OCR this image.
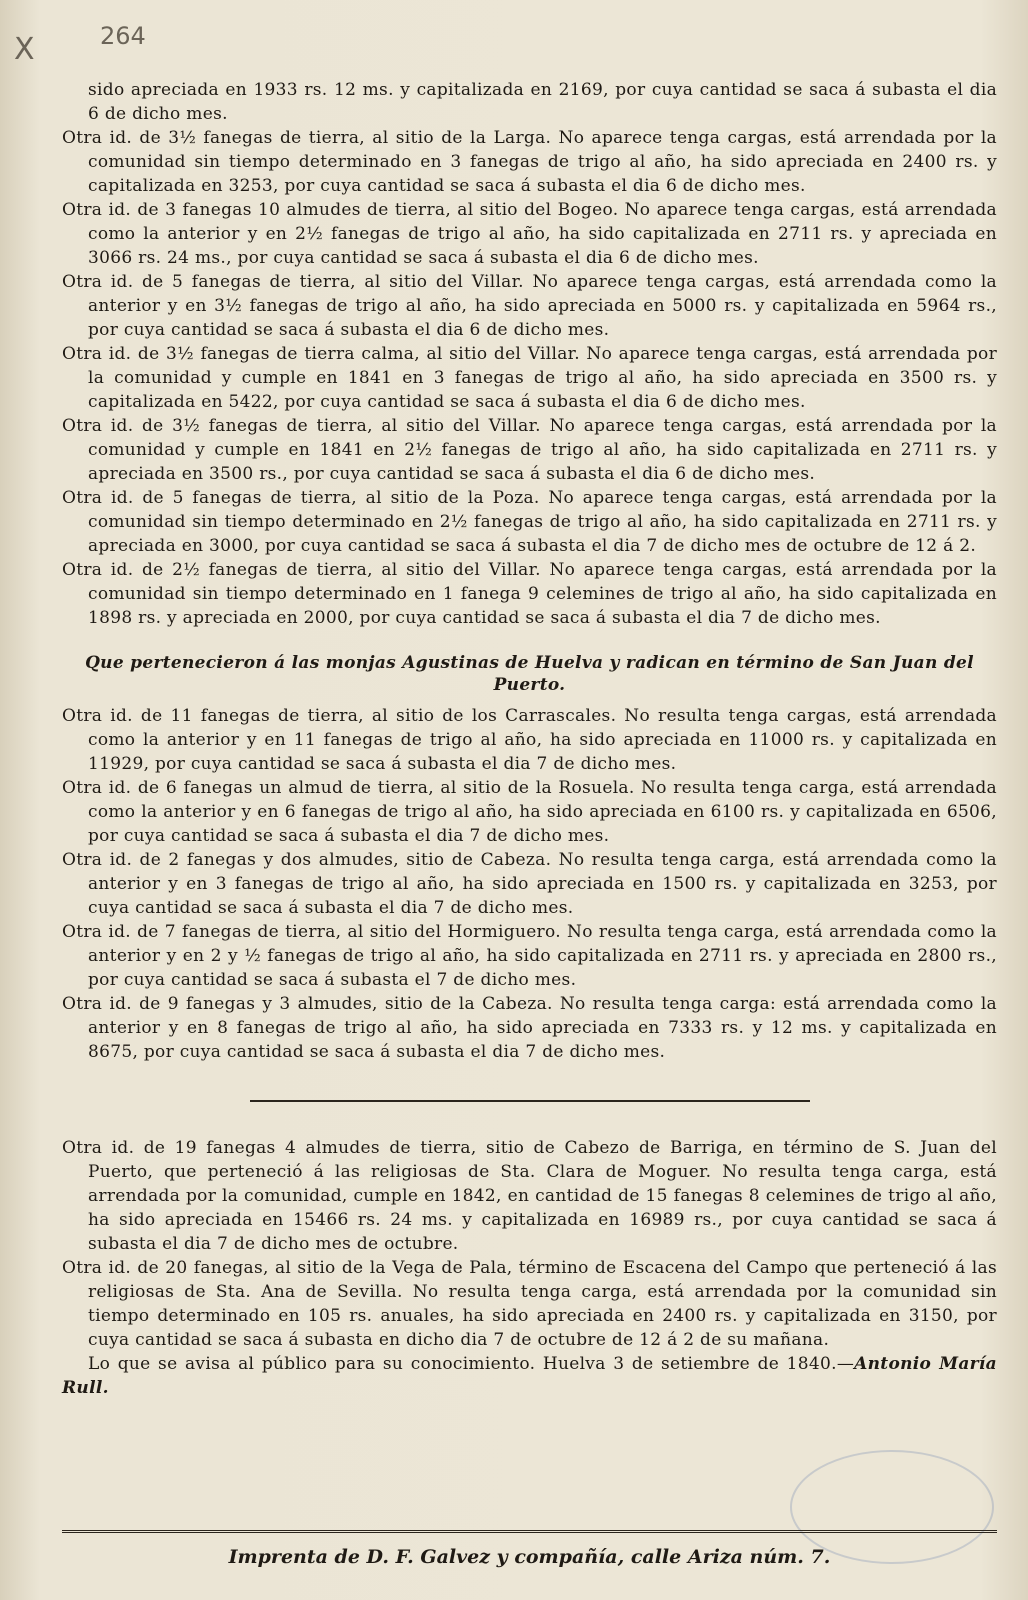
X	264

sido apreciada en 1933 rs. 12 ms. y capitalizada en 2169, por cuya cantidad se saca á subasta el dia 6 de dicho mes.

Otra id. de 3½ fanegas de tierra, al sitio de la Larga. No aparece tenga cargas, está arrendada por la comunidad sin tiempo determinado en 3 fanegas de trigo al año, ha sido apreciada en 2400 rs. y capitalizada en 3253, por cuya cantidad se saca á subasta el dia 6 de dicho mes.

Otra id. de 3 fanegas 10 almudes de tierra, al sitio del Bogeo. No aparece tenga cargas, está arrendada como la anterior y en 2½ fanegas de trigo al año, ha sido capitalizada en 2711 rs. y apreciada en 3066 rs. 24 ms., por cuya cantidad se saca á subasta el dia 6 de dicho mes.

Otra id. de 5 fanegas de tierra, al sitio del Villar. No aparece tenga cargas, está arrendada como la anterior y en 3½ fanegas de trigo al año, ha sido apreciada en 5000 rs. y capitalizada en 5964 rs., por cuya cantidad se saca á subasta el dia 6 de dicho mes.

Otra id. de 3½ fanegas de tierra calma, al sitio del Villar. No aparece tenga cargas, está arrendada por la comunidad y cumple en 1841 en 3 fanegas de trigo al año, ha sido apreciada en 3500 rs. y capitalizada en 5422, por cuya cantidad se saca á subasta el dia 6 de dicho mes.

Otra id. de 3½ fanegas de tierra, al sitio del Villar. No aparece tenga cargas, está arrendada por la comunidad y cumple en 1841 en 2½ fanegas de trigo al año, ha sido capitalizada en 2711 rs. y apreciada en 3500 rs., por cuya cantidad se saca á subasta el dia 6 de dicho mes.

Otra id. de 5 fanegas de tierra, al sitio de la Poza. No aparece tenga cargas, está arrendada por la comunidad sin tiempo determinado en 2½ fanegas de trigo al año, ha sido capitalizada en 2711 rs. y apreciada en 3000, por cuya cantidad se saca á subasta el dia 7 de dicho mes de octubre de 12 á 2.

Otra id. de 2½ fanegas de tierra, al sitio del Villar. No aparece tenga cargas, está arrendada por la comunidad sin tiempo determinado en 1 fanega 9 celemines de trigo al año, ha sido capitalizada en 1898 rs. y apreciada en 2000, por cuya cantidad se saca á subasta el dia 7 de dicho mes.

Que pertenecieron á las monjas Agustinas de Huelva y radican en término de San Juan del Puerto.

Otra id. de 11 fanegas de tierra, al sitio de los Carrascales. No resulta tenga cargas, está arrendada como la anterior y en 11 fanegas de trigo al año, ha sido apreciada en 11000 rs. y capitalizada en 11929, por cuya cantidad se saca á subasta el dia 7 de dicho mes.

Otra id. de 6 fanegas un almud de tierra, al sitio de la Rosuela. No resulta tenga carga, está arrendada como la anterior y en 6 fanegas de trigo al año, ha sido apreciada en 6100 rs. y capitalizada en 6506, por cuya cantidad se saca á subasta el dia 7 de dicho mes.

Otra id. de 2 fanegas y dos almudes, sitio de Cabeza. No resulta tenga carga, está arrendada como la anterior y en 3 fanegas de trigo al año, ha sido apreciada en 1500 rs. y capitalizada en 3253, por cuya cantidad se saca á subasta el dia 7 de dicho mes.

Otra id. de 7 fanegas de tierra, al sitio del Hormiguero. No resulta tenga carga, está arrendada como la anterior y en 2 y ½ fanegas de trigo al año, ha sido capitalizada en 2711 rs. y apreciada en 2800 rs., por cuya cantidad se saca á subasta el 7 de dicho mes.

Otra id. de 9 fanegas y 3 almudes, sitio de la Cabeza. No resulta tenga carga: está arrendada como la anterior y en 8 fanegas de trigo al año, ha sido apreciada en 7333 rs. y 12 ms. y capitalizada en 8675, por cuya cantidad se saca á subasta el dia 7 de dicho mes.

Otra id. de 19 fanegas 4 almudes de tierra, sitio de Cabezo de Barriga, en término de S. Juan del Puerto, que perteneció á las religiosas de Sta. Clara de Moguer. No resulta tenga carga, está arrendada por la comunidad, cumple en 1842, en cantidad de 15 fanegas 8 celemines de trigo al año, ha sido apreciada en 15466 rs. 24 ms. y capitalizada en 16989 rs., por cuya cantidad se saca á subasta el dia 7 de dicho mes de octubre.

Otra id. de 20 fanegas, al sitio de la Vega de Pala, término de Escacena del Campo que perteneció á las religiosas de Sta. Ana de Sevilla. No resulta tenga carga, está arrendada por la comunidad sin tiempo determinado en 105 rs. anuales, ha sido apreciada en 2400 rs. y capitalizada en 3150, por cuya cantidad se saca á subasta en dicho dia 7 de octubre de 12 á 2 de su mañana.

Lo que se avisa al público para su conocimiento. Huelva 3 de setiembre de 1840.—Antonio María Rull.

Imprenta de D. F. Galvez y compañía, calle Ariza núm. 7.
